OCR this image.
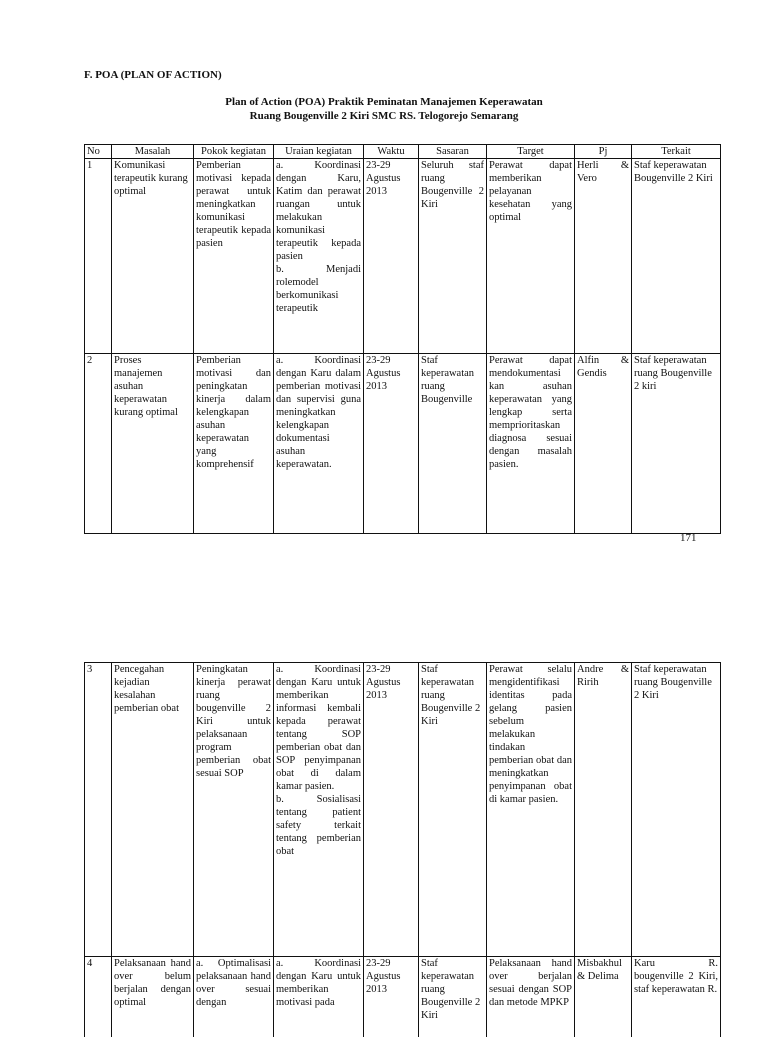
F. POA (PLAN OF ACTION)
Plan of Action (POA) Praktik Peminatan Manajemen Keperawatan
Ruang Bougenville 2 Kiri SMC RS. Telogorejo Semarang
No	Masalah	Pokok kegiatan	Uraian kegiatan	Waktu	Sasaran	Target	Pj	Terkait
1	Komunikasi terapeutik kurang optimal	Pemberian motivasi kepada perawat untuk meningkatkan komunikasi terapeutik kepada pasien	a. Koordinasi dengan Karu, Katim dan perawat ruangan untuk melakukan komunikasi terapeutik kepada pasien
b. Menjadi rolemodel berkomunikasi terapeutik	23-29 Agustus 2013	Seluruh staf ruang Bougenville 2 Kiri	Perawat dapat memberikan pelayanan kesehatan yang optimal	Herli & Vero	Staf keperawatan Bougenville 2 Kiri
2	Proses manajemen asuhan keperawatan kurang optimal	Pemberian motivasi dan peningkatan kinerja dalam kelengkapan asuhan keperawatan yang komprehensif	a. Koordinasi dengan Karu dalam pemberian motivasi dan supervisi guna meningkatkan kelengkapan dokumentasi asuhan keperawatan.	23-29 Agustus 2013	Staf keperawatan ruang Bougenville	Perawat dapat mendokumentasi kan asuhan keperawatan yang lengkap serta memprioritaskan diagnosa sesuai dengan masalah pasien.	Alfin & Gendis	Staf keperawatan ruang Bougenville 2 kiri
171
3	Pencegahan kejadian kesalahan pemberian obat	Peningkatan kinerja perawat ruang bougenville 2 Kiri untuk pelaksanaan program pemberian obat sesuai SOP	a. Koordinasi dengan Karu untuk memberikan informasi kembali kepada perawat tentang SOP pemberian obat dan SOP penyimpanan obat di dalam kamar pasien.
b. Sosialisasi tentang patient safety terkait tentang pemberian obat	23-29 Agustus 2013	Staf keperawatan ruang Bougenville 2 Kiri	Perawat selalu mengidentifikasi identitas pada gelang pasien sebelum melakukan tindakan pemberian obat dan meningkatkan penyimpanan obat di kamar pasien.	Andre & Ririh	Staf keperawatan ruang Bougenville 2 Kiri
4	Pelaksanaan hand over belum berjalan dengan optimal	a. Optimalisasi pelaksanaan hand over sesuai dengan	a. Koordinasi dengan Karu untuk memberikan motivasi pada	23-29 Agustus 2013	Staf keperawatan ruang Bougenville 2 Kiri	Pelaksanaan hand over berjalan sesuai dengan SOP dan metode MPKP	Misbakhul & Delima	Karu R. bougenville 2 Kiri, staf keperawatan R.
